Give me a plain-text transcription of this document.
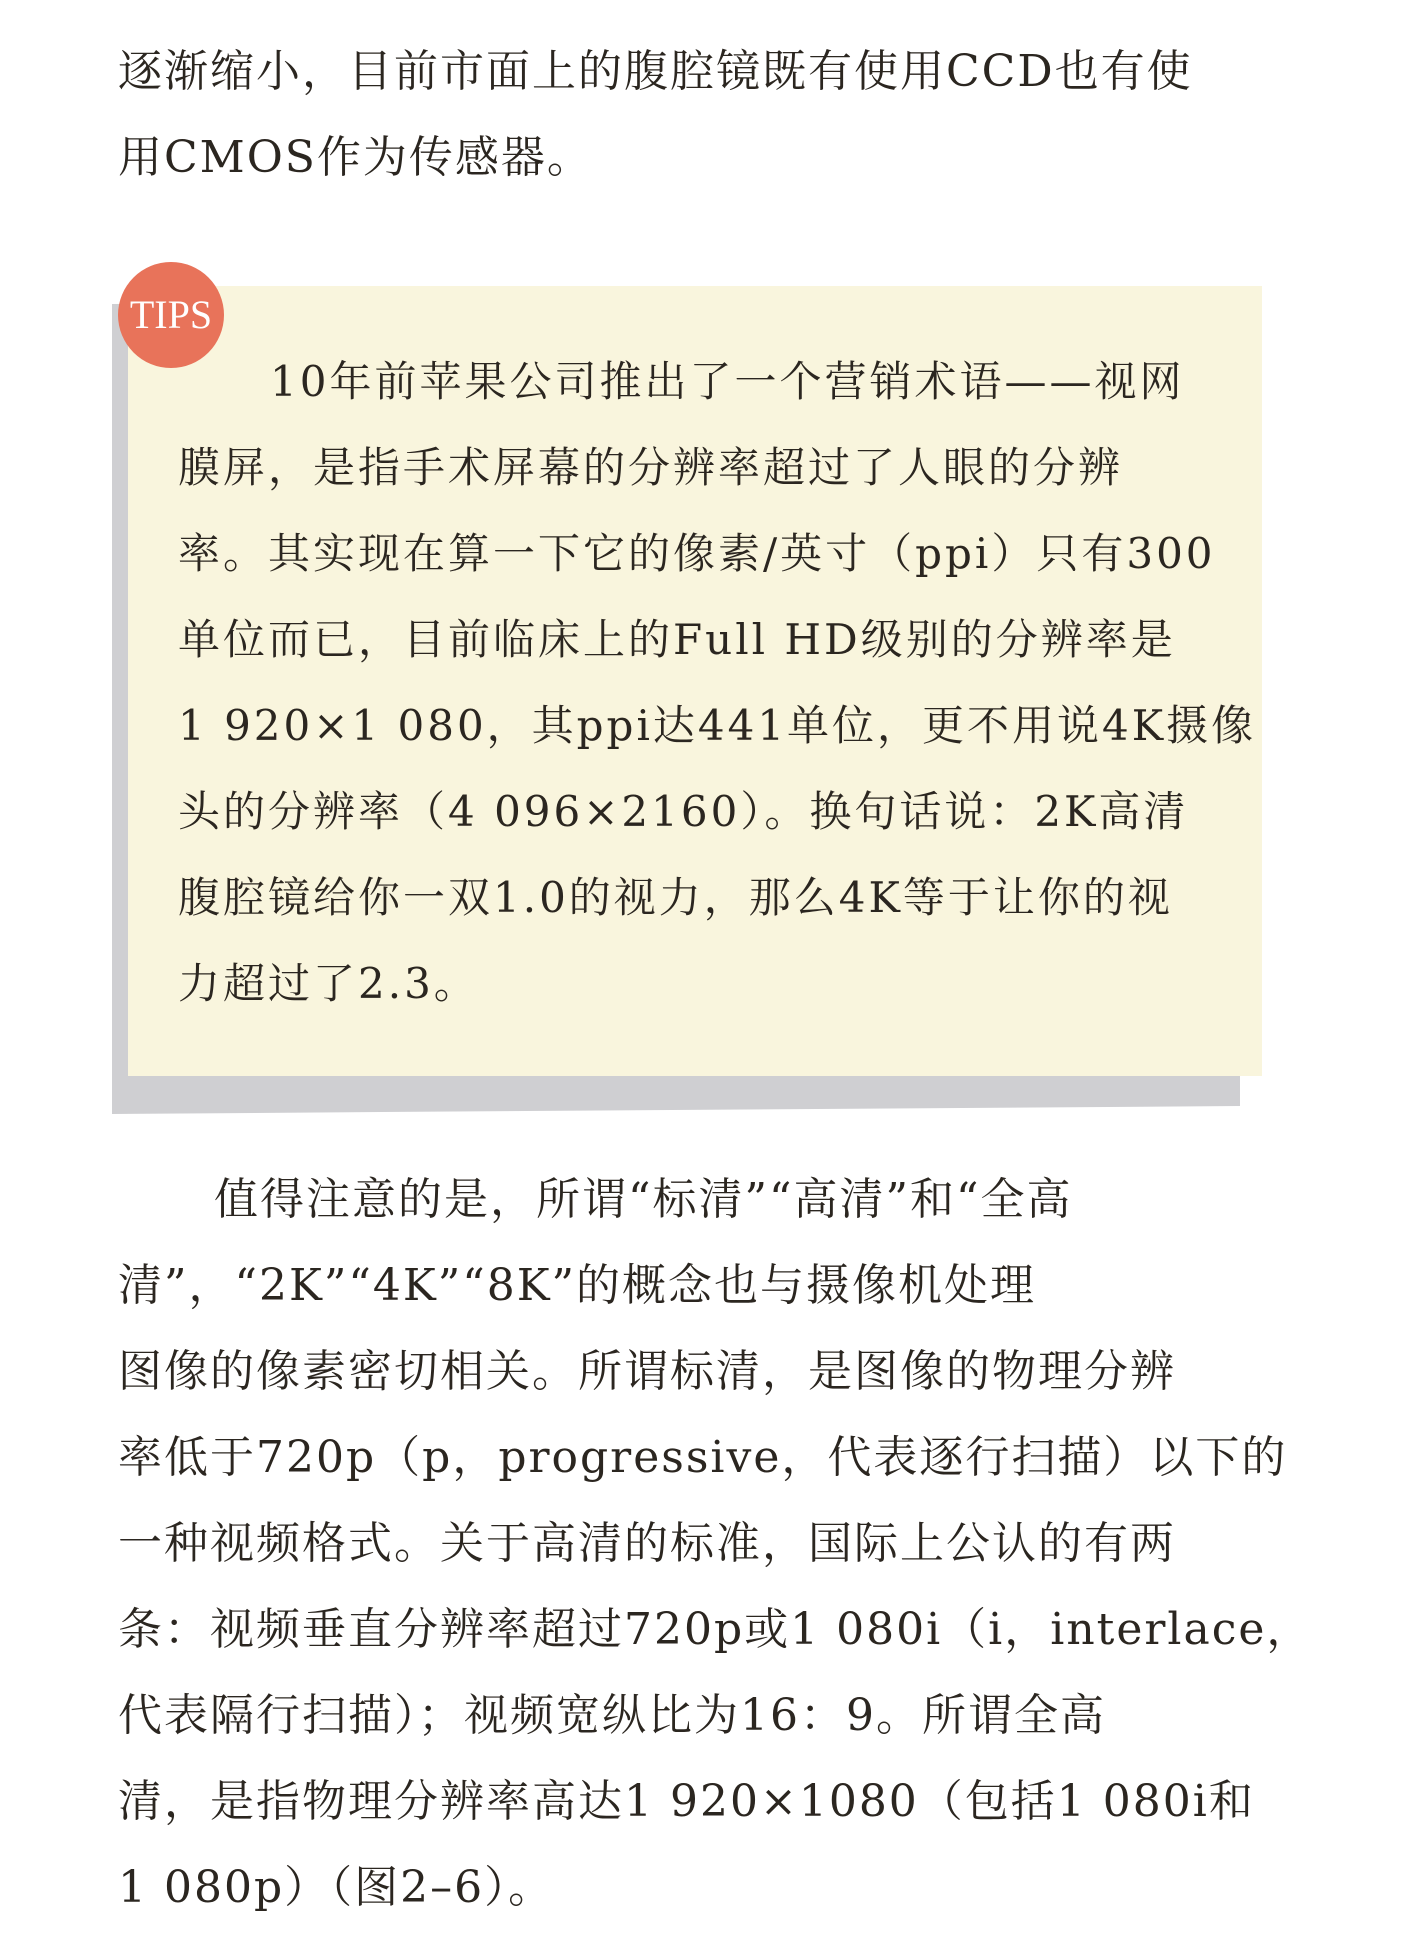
逐渐缩小，目前市面上的腹腔镜既有使用CCD也有使
用CMOS作为传感器。
TIPS
10年前苹果公司推出了一个营销术语——视网
膜屏，是指手术屏幕的分辨率超过了人眼的分辨
率。其实现在算一下它的像素/英寸（ppi）只有300
单位而已，目前临床上的Full HD级别的分辨率是
1 920×1 080，其ppi达441单位，更不用说4K摄像
头的分辨率（4 096×2160）。换句话说：2K高清
腹腔镜给你一双1.0的视力，那么4K等于让你的视
力超过了2.3。
值得注意的是，所谓“标清”“高清”和“全高
清”，“2K”“4K”“8K”的概念也与摄像机处理
图像的像素密切相关。所谓标清，是图像的物理分辨
率低于720p（p，progressive，代表逐行扫描）以下的
一种视频格式。关于高清的标准，国际上公认的有两
条：视频垂直分辨率超过720p或1 080i（i，interlace，
代表隔行扫描）；视频宽纵比为16：9。所谓全高
清，是指物理分辨率高达1 920×1080（包括1 080i和
1 080p）（图2–6）。
